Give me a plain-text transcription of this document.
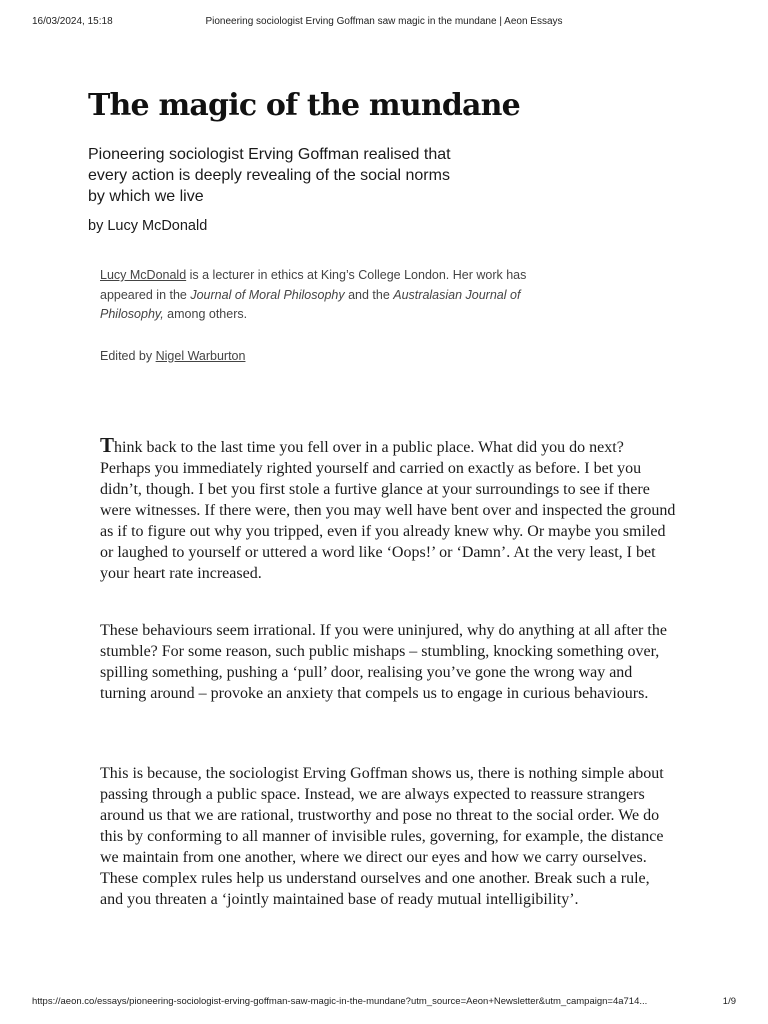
16/03/2024, 15:18	Pioneering sociologist Erving Goffman saw magic in the mundane | Aeon Essays
The magic of the mundane

Pioneering sociologist Erving Goffman realised that every action is deeply revealing of the social norms by which we live

by Lucy McDonald

Lucy McDonald is a lecturer in ethics at King’s College London. Her work has appeared in the Journal of Moral Philosophy and the Australasian Journal of Philosophy, among others.

Edited by Nigel Warburton

Think back to the last time you fell over in a public place. What did you do next? Perhaps you immediately righted yourself and carried on exactly as before. I bet you didn’t, though. I bet you first stole a furtive glance at your surroundings to see if there were witnesses. If there were, then you may well have bent over and inspected the ground as if to figure out why you tripped, even if you already knew why. Or maybe you smiled or laughed to yourself or uttered a word like ‘Oops!’ or ‘Damn’. At the very least, I bet your heart rate increased.

These behaviours seem irrational. If you were uninjured, why do anything at all after the stumble? For some reason, such public mishaps – stumbling, knocking something over, spilling something, pushing a ‘pull’ door, realising you’ve gone the wrong way and turning around – provoke an anxiety that compels us to engage in curious behaviours.

This is because, the sociologist Erving Goffman shows us, there is nothing simple about passing through a public space. Instead, we are always expected to reassure strangers around us that we are rational, trustworthy and pose no threat to the social order. We do this by conforming to all manner of invisible rules, governing, for example, the distance we maintain from one another, where we direct our eyes and how we carry ourselves. These complex rules help us understand ourselves and one another. Break such a rule, and you threaten a ‘jointly maintained base of ready mutual intelligibility’.

https://aeon.co/essays/pioneering-sociologist-erving-goffman-saw-magic-in-the-mundane?utm_source=Aeon+Newsletter&utm_campaign=4a714...	1/9
